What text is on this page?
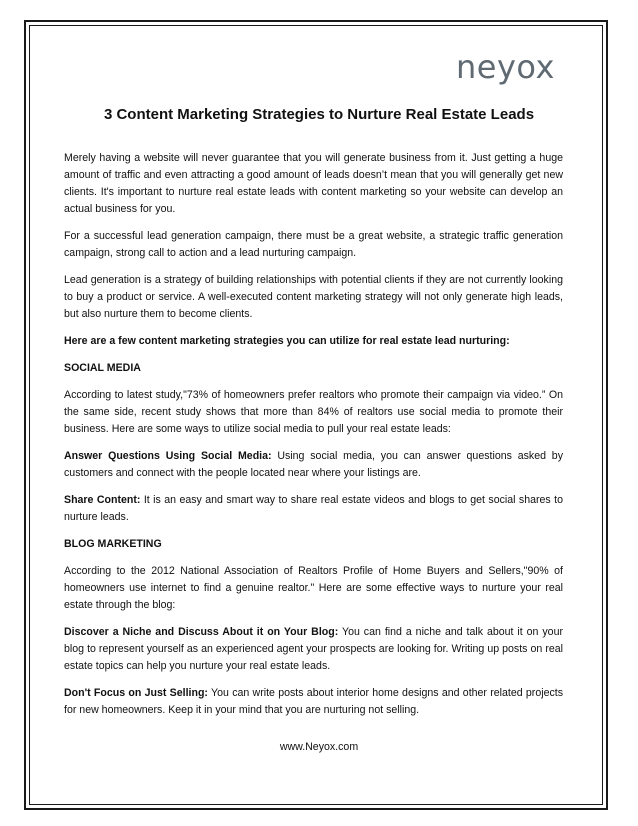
neyox
3 Content Marketing Strategies to Nurture Real Estate Leads

Merely having a website will never guarantee that you will generate business from it. Just getting a huge amount of traffic and even attracting a good amount of leads doesn’t mean that you will generally get new clients. It's important to nurture real estate leads with content marketing so your website can develop an actual business for you.

For a successful lead generation campaign, there must be a great website, a strategic traffic generation campaign, strong call to action and a lead nurturing campaign.

Lead generation is a strategy of building relationships with potential clients if they are not currently looking to buy a product or service. A well-executed content marketing strategy will not only generate high leads, but also nurture them to become clients.

Here are a few content marketing strategies you can utilize for real estate lead nurturing:

SOCIAL MEDIA

According to latest study,"73% of homeowners prefer realtors who promote their campaign via video.” On the same side, recent study shows that more than 84% of realtors use social media to promote their business. Here are some ways to utilize social media to pull your real estate leads:

Answer Questions Using Social Media: Using social media, you can answer questions asked by customers and connect with the people located near where your listings are.

Share Content: It is an easy and smart way to share real estate videos and blogs to get social shares to nurture leads.

BLOG MARKETING

According to the 2012 National Association of Realtors Profile of Home Buyers and Sellers,"90% of homeowners use internet to find a genuine realtor." Here are some effective ways to nurture your real estate through the blog:

Discover a Niche and Discuss About it on Your Blog: You can find a niche and talk about it on your blog to represent yourself as an experienced agent your prospects are looking for. Writing up posts on real estate topics can help you nurture your real estate leads.

Don't Focus on Just Selling: You can write posts about interior home designs and other related projects for new homeowners. Keep it in your mind that you are nurturing not selling.

www.Neyox.com
